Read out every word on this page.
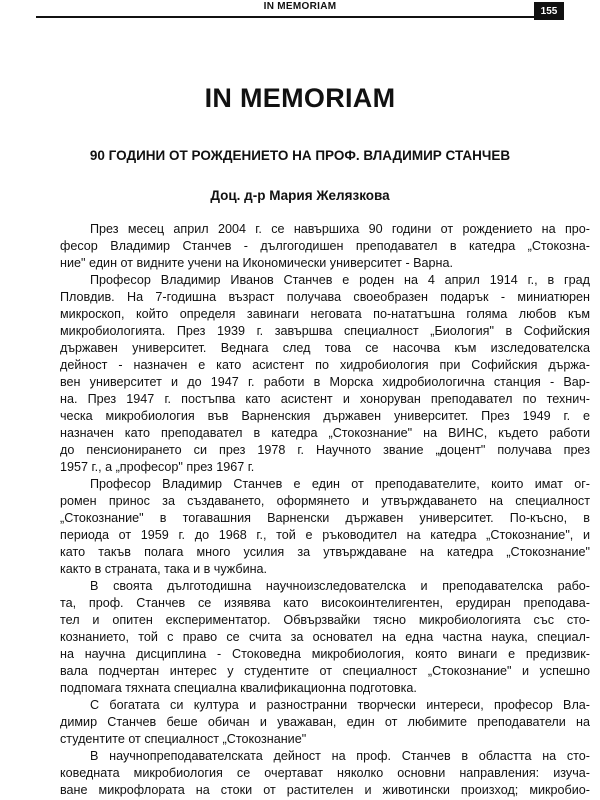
IN MEMORIAM	155
IN MEMORIAM
90 ГОДИНИ ОТ РОЖДЕНИЕТО НА ПРОФ. ВЛАДИМИР СТАНЧЕВ
Доц. д-р Мария Желязкова
През месец април 2004 г. се навършиха 90 години от рождението на про-
фесор Владимир Станчев - дългогодишен преподавател в катедра „Стокозна-
ние" един от видните учени на Икономически университет - Варна.
Професор Владимир Иванов Станчев е роден на 4 април 1914 г., в град
Пловдив. На 7-годишна възраст получава своеобразен подарък - миниатюрен
микроскоп, който определя завинаги неговата по-нататъшна голяма любов към
микробиологията. През 1939 г. завършва специалност „Биология" в Софийския
държавен университет. Веднага след това се насочва към изследователска
дейност - назначен е като асистент по хидробиология при Софийския държа-
вен университет и до 1947 г. работи в Морска хидробиологична станция - Вар-
на. През 1947 г. постъпва като асистент и хоноруван преподавател по технич-
ческа микробиология във Варненския държавен университет. През 1949 г. е
назначен като преподавател в катедра „Стокознание" на ВИНС, където работи
до пенсионирането си през 1978 г. Научното звание „доцент" получава през
1957 г., а „професор" през 1967 г.
Професор Владимир Станчев е един от преподавателите, които имат ог-
ромен принос за създаването, оформянето и утвърждаването на специалност
„Стокознание" в тогавашния Варненски държавен университет. По-късно, в
периода от 1959 г. до 1968 г., той е ръководител на катедра „Стокознание", и
като такъв полага много усилия за утвърждаване на катедра „Стокознание"
както в страната, така и в чужбина.
В своята дълготодишна научноизследователска и преподавателска рабо-
та, проф. Станчев се изявява като високоинтелигентен, ерудиран преподава-
тел и опитен експериментатор. Обвързвайки тясно микробиологията със сто-
кознанието, той с право се счита за основател на една частна наука, специал-
на научна дисциплина - Стоковедна микробиология, която винаги е предизвик-
вала подчертан интерес у студентите от специалност „Стокознание" и успешно
подпомага тяхната специална квалификационна подготовка.
С богатата си култура и разностранни творчески интереси, професор Вла-
димир Станчев беше обичан и уважаван, един от любимите преподаватели на
студентите от специалност „Стокознание"
В научнопреподавателската дейност на проф. Станчев в областта на сто-
коведната микробиология се очертават няколко основни направления: изуча-
ване микрофлората на стоки от растителен и животински произход; микробио-
